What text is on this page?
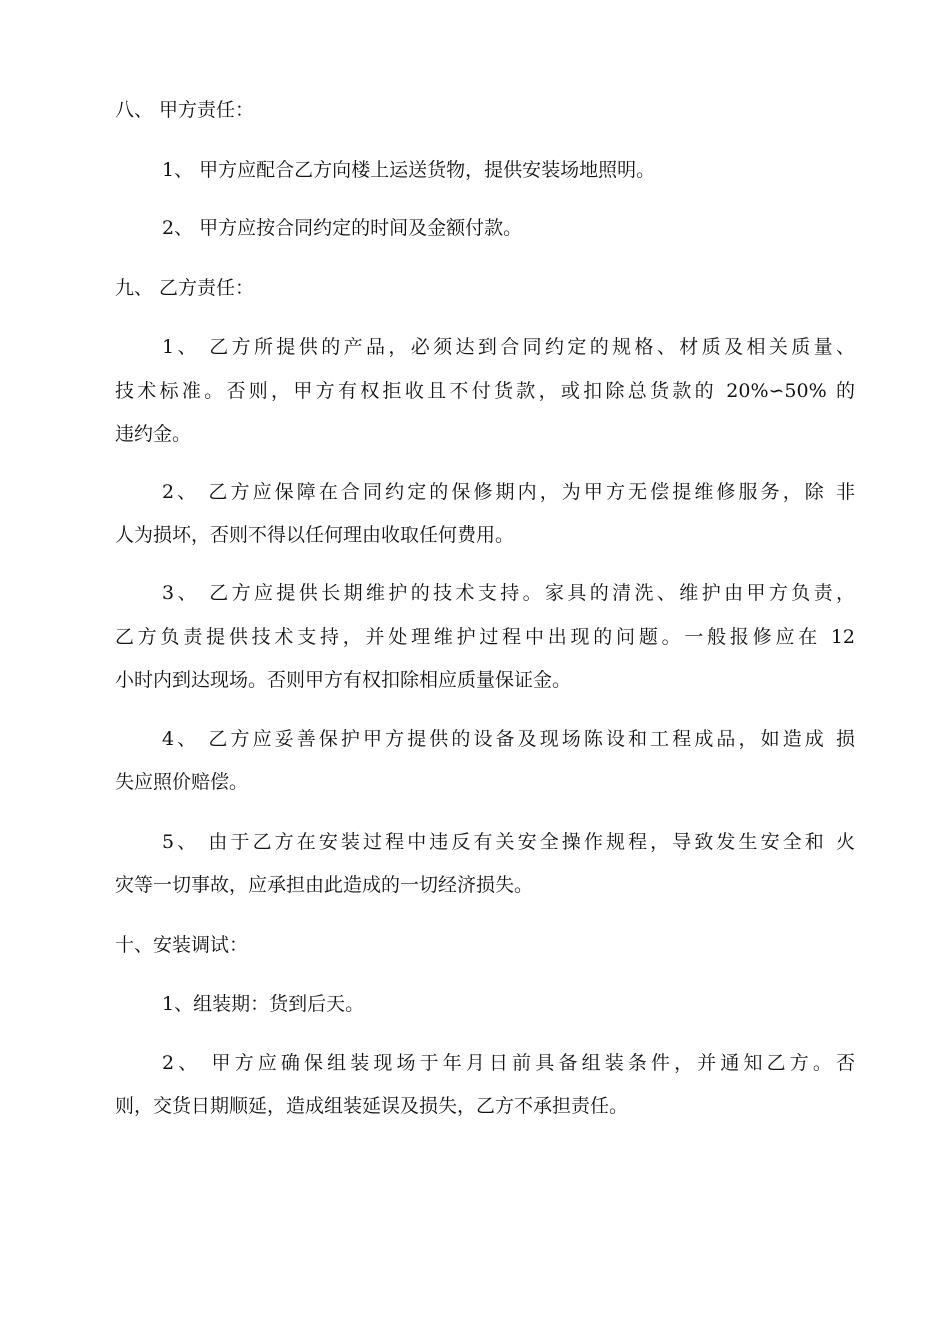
八、 甲方责任：
1、 甲方应配合乙方向楼上运送货物，提供安装场地照明。
2、 甲方应按合同约定的时间及金额付款。
九、 乙方责任：
1、 乙方所提供的产品，必须达到合同约定的规格、材质及相关质量、
技术标准。否则，甲方有权拒收且不付货款，或扣除总货款的 20%∽50% 的
违约金。
2、 乙方应保障在合同约定的保修期内，为甲方无偿提维修服务，除 非
人为损坏，否则不得以任何理由收取任何费用。
3、 乙方应提供长期维护的技术支持。家具的清洗、维护由甲方负责，
乙方负责提供技术支持，并处理维护过程中出现的问题。一般报修应在 12
小时内到达现场。否则甲方有权扣除相应质量保证金。
4、 乙方应妥善保护甲方提供的设备及现场陈设和工程成品，如造成 损
失应照价赔偿。
5、 由于乙方在安装过程中违反有关安全操作规程，导致发生安全和 火
灾等一切事故，应承担由此造成的一切经济损失。
十、安装调试：
1、组装期：货到后天。
2、 甲方应确保组装现场于年月日前具备组装条件，并通知乙方。否
则，交货日期顺延，造成组装延误及损失，乙方不承担责任。
